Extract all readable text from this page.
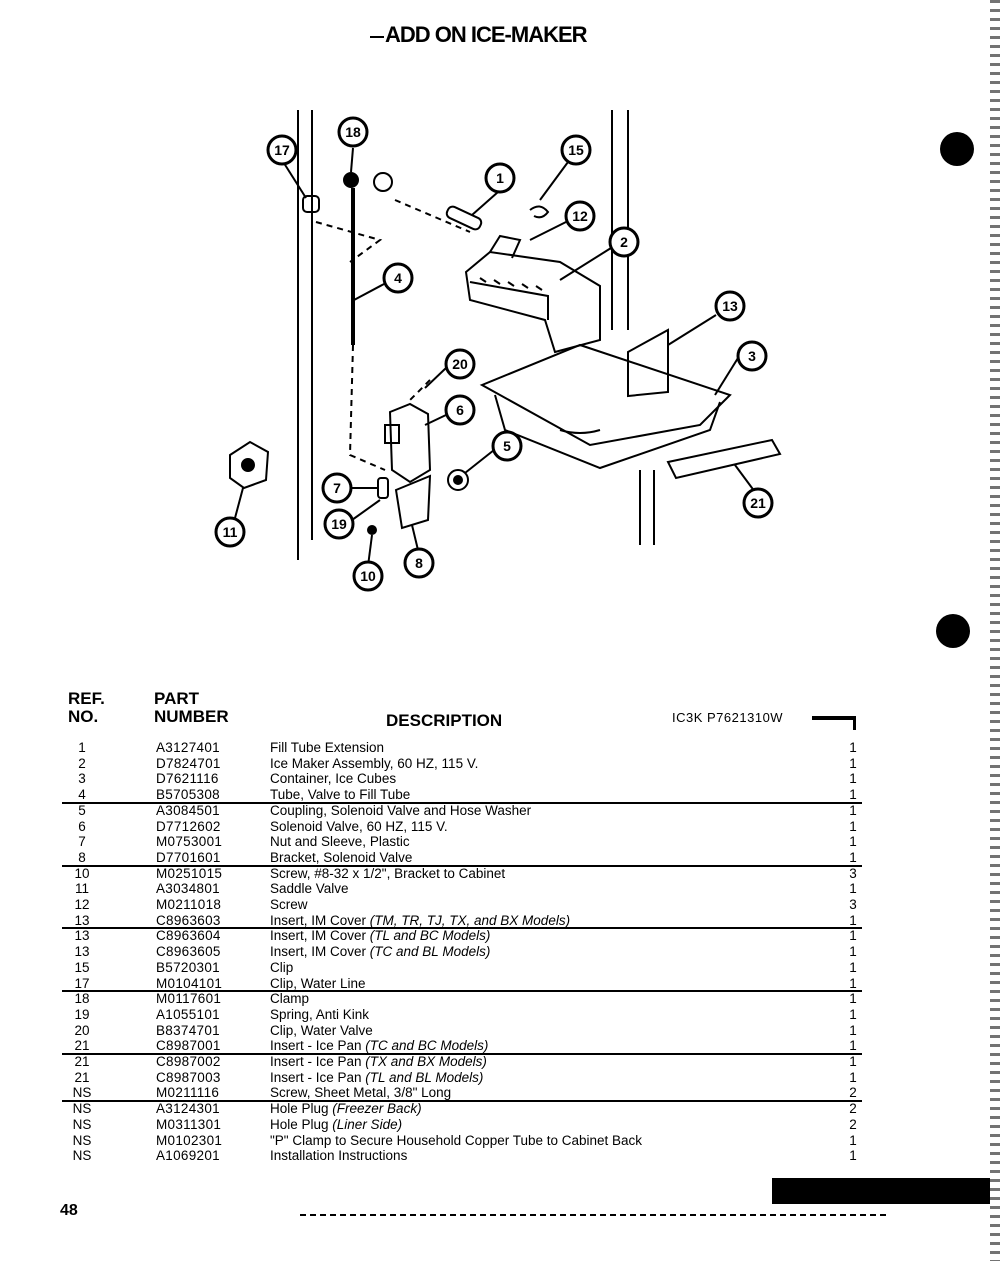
ADD ON ICE-MAKER
17
18
1
15
12
2
4
13
3
20
6
5
7
19
10
8
11
21
REF.
NO.
PART
NUMBER	DESCRIPTION	IC3K P7621310W
1	A3127401	Fill Tube Extension	1
2	D7824701	Ice Maker Assembly, 60 HZ, 115 V.	1
3	D7621116	Container, Ice Cubes	1
4	B5705308	Tube, Valve to Fill Tube	1
5	A3084501	Coupling, Solenoid Valve and Hose Washer	1
6	D7712602	Solenoid Valve, 60 HZ, 115 V.	1
7	M0753001	Nut and Sleeve, Plastic	1
8	D7701601	Bracket, Solenoid Valve	1
10	M0251015	Screw, #8-32 x 1/2", Bracket to Cabinet	3
11	A3034801	Saddle Valve	1
12	M0211018	Screw	3
13	C8963603	Insert, IM Cover (TM, TR, TJ, TX, and BX Models)	1
13	C8963604	Insert, IM Cover (TL and BC Models)	1
13	C8963605	Insert, IM Cover (TC and BL Models)	1
15	B5720301	Clip	1
17	M0104101	Clip, Water Line	1
18	M0117601	Clamp	1
19	A1055101	Spring, Anti Kink	1
20	B8374701	Clip, Water Valve	1
21	C8987001	Insert - Ice Pan (TC and BC Models)	1
21	C8987002	Insert - Ice Pan (TX and BX Models)	1
21	C8987003	Insert - Ice Pan (TL and BL Models)	1
NS	M0211116	Screw, Sheet Metal, 3/8" Long	2
NS	A3124301	Hole Plug (Freezer Back)	2
NS	M0311301	Hole Plug (Liner Side)	2
NS	M0102301	"P" Clamp to Secure Household Copper Tube to Cabinet Back	1
NS	A1069201	Installation Instructions	1
48
